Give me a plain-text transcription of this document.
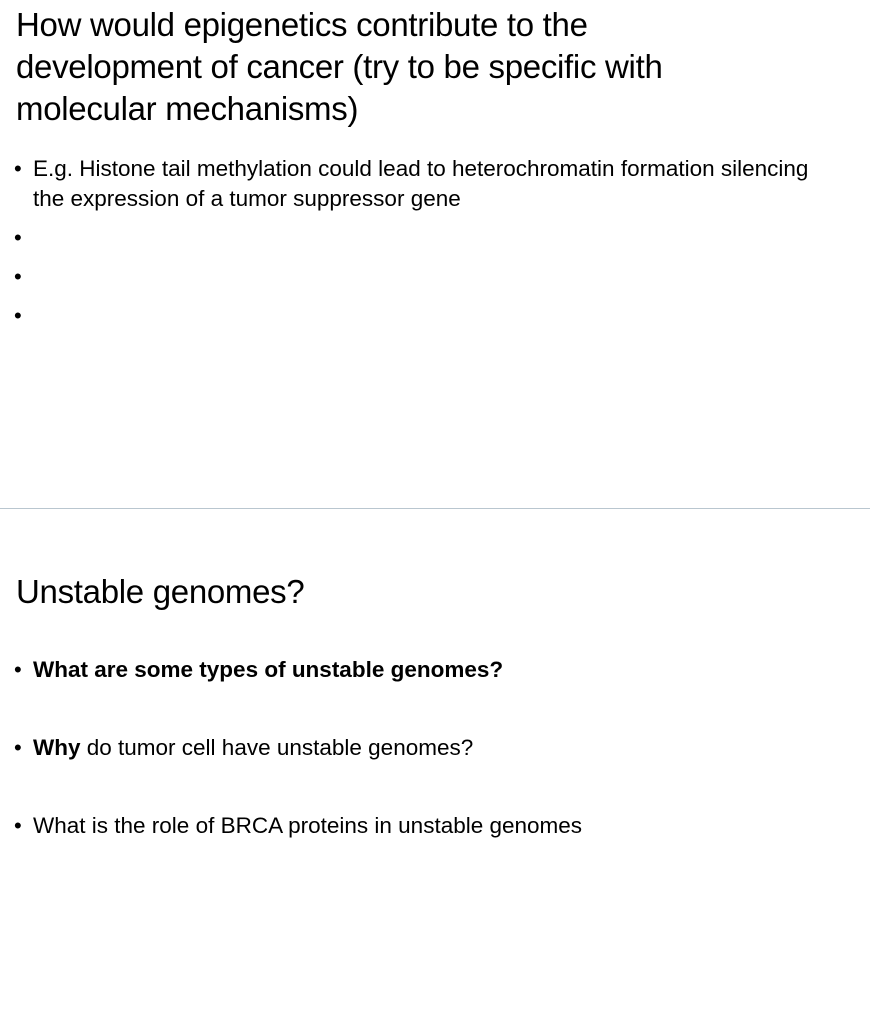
How would epigenetics contribute to the development of cancer (try to be specific with molecular mechanisms)
• E.g. Histone tail methylation could lead to heterochromatin formation silencing the expression of a tumor suppressor gene
•
•
•
Unstable genomes?
• What are some types of unstable genomes?
• Why do tumor cell have unstable genomes?
• What is the role of BRCA proteins in unstable genomes
